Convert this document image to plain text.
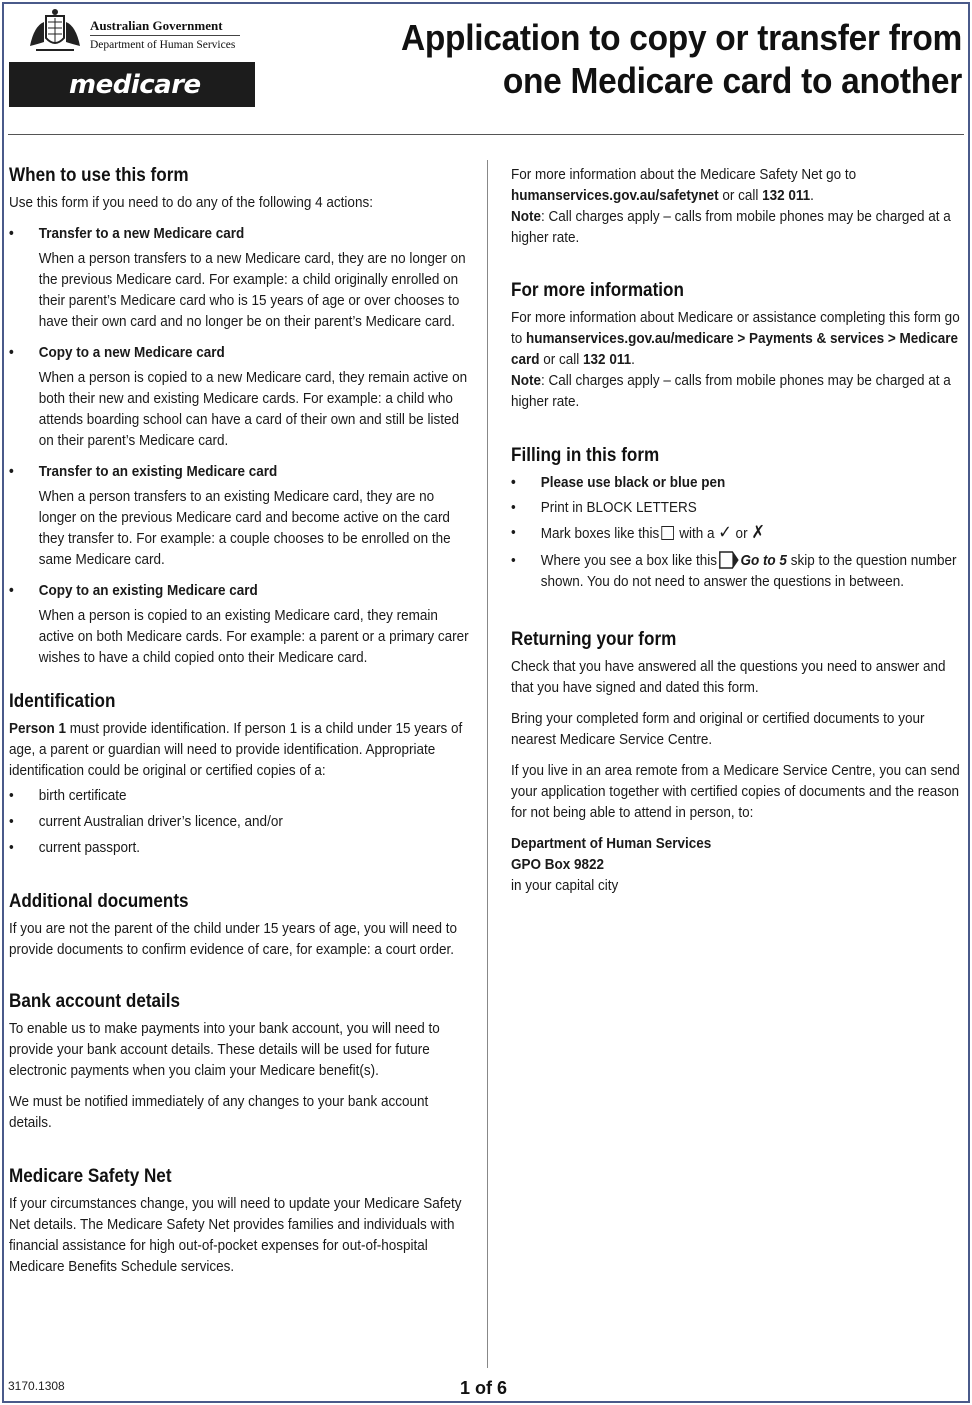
Australian Government
Department of Human Services
medicare
Application to copy or transfer from
one Medicare card to another
When to use this form

Use this form if you need to do any of the following 4 actions:

• Transfer to a new Medicare card
When a person transfers to a new Medicare card, they are no longer on the previous Medicare card. For example: a child originally enrolled on their parent’s Medicare card who is 15 years of age or over chooses to have their own card and no longer be on their parent’s Medicare card.
• Copy to a new Medicare card
When a person is copied to a new Medicare card, they remain active on both their new and existing Medicare cards. For example: a child who attends boarding school can have a card of their own and still be listed on their parent’s Medicare card.
• Transfer to an existing Medicare card
When a person transfers to an existing Medicare card, they are no longer on the previous Medicare card and become active on the card they transfer to. For example: a couple chooses to be enrolled on the same Medicare card.
• Copy to an existing Medicare card
When a person is copied to an existing Medicare card, they remain active on both Medicare cards. For example: a parent or a primary carer wishes to have a child copied onto their Medicare card.
Identification

Person 1 must provide identification. If person 1 is a child under 15 years of age, a parent or guardian will need to provide identification. Appropriate identification could be original or certified copies of a:

• birth certificate
• current Australian driver’s licence, and/or
• current passport.
Additional documents

If you are not the parent of the child under 15 years of age, you will need to provide documents to confirm evidence of care, for example: a court order.

Bank account details

To enable us to make payments into your bank account, you will need to provide your bank account details. These details will be used for future electronic payments when you claim your Medicare benefit(s).

We must be notified immediately of any changes to your bank account details.

Medicare Safety Net

If your circumstances change, you will need to update your Medicare Safety Net details. The Medicare Safety Net provides families and individuals with financial assistance for high out-of-pocket expenses for out-of-hospital Medicare Benefits Schedule services.

For more information about the Medicare Safety Net go to
humanservices.gov.au/safetynet or call 132 011.
Note: Call charges apply – calls from mobile phones may be charged at a higher rate.

For more information

For more information about Medicare or assistance completing this form go to humanservices.gov.au/medicare > Payments & services > Medicare card or call 132 011.
Note: Call charges apply – calls from mobile phones may be charged at a higher rate.

Filling in this form
• Please use black or blue pen
• Print in BLOCK LETTERS
• Mark boxes like this with a ✓ or ✗
• Where you see a box like this Go to 5 skip to the question number shown. You do not need to answer the questions in between.
Returning your form

Check that you have answered all the questions you need to answer and that you have signed and dated this form.

Bring your completed form and original or certified documents to your nearest Medicare Service Centre.

If you live in an area remote from a Medicare Service Centre, you can send your application together with certified copies of documents and the reason for not being able to attend in person, to:

Department of Human Services
GPO Box 9822
in your capital city
3170.1308	1 of 6
